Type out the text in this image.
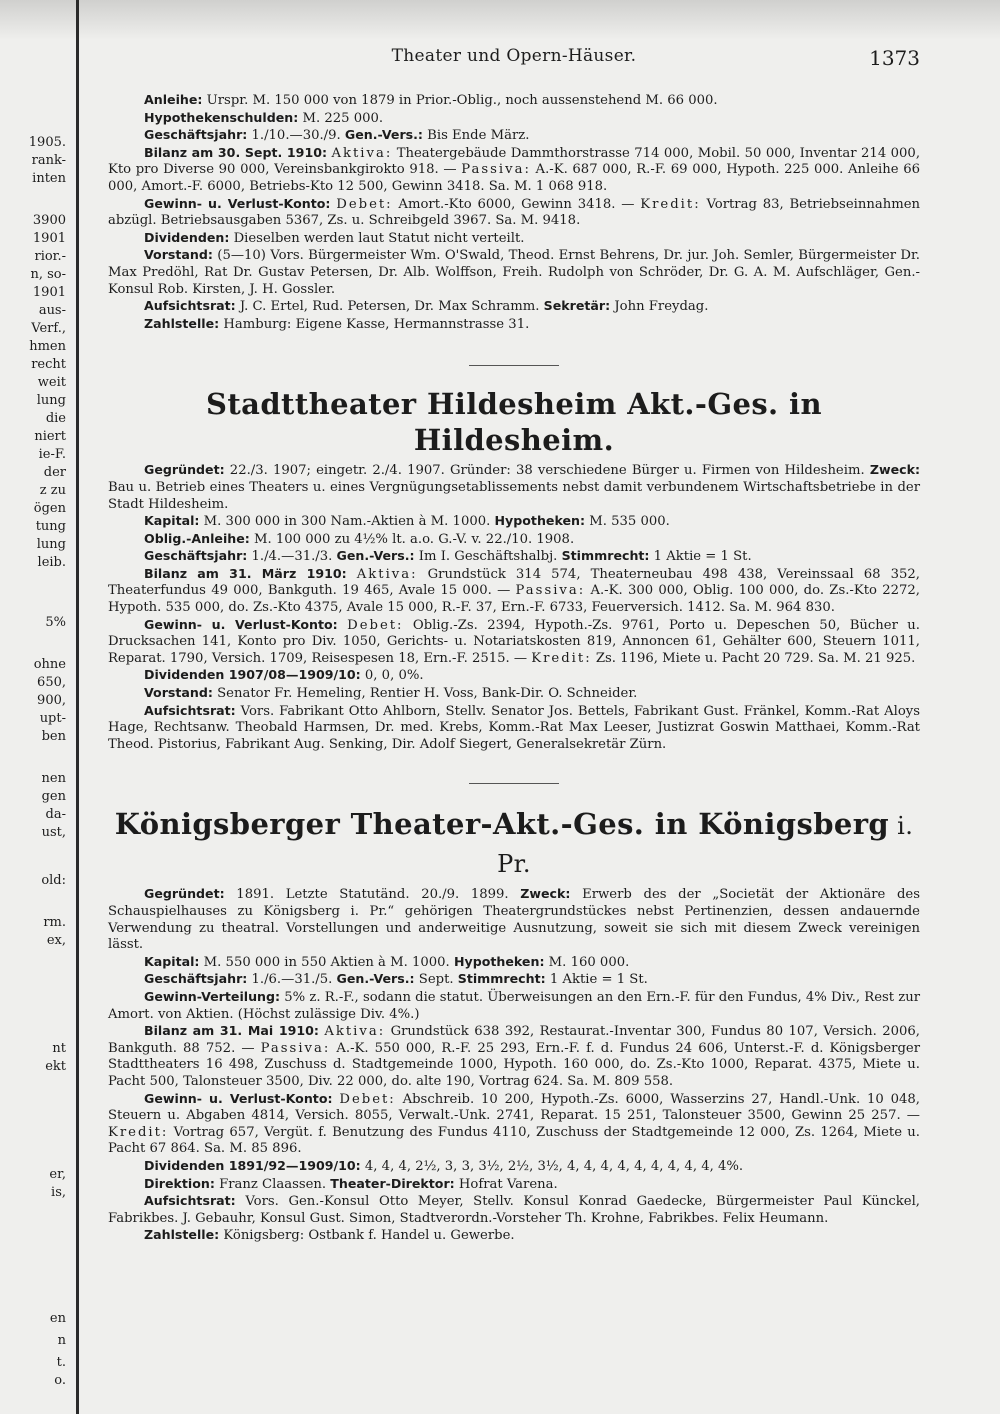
1905.
rank-
inten
3900
1901
rior.-
n, so-
1901
aus-
Verf.,
hmen
recht
weit
lung
die
niert
ie-F.
der
z zu
ögen
tung
lung
leib.
5%
ohne
650,
900,
upt-
ben
nen
gen
da-
ust,
old:
rm.
ex,
nt
ekt
er,
is,
en
n
t.
o.
Theater und Opern-Häuser.	1373

Anleihe: Urspr. M. 150 000 von 1879 in Prior.-Oblig., noch aussenstehend M. 66 000.

Hypothekenschulden: M. 225 000.

Geschäftsjahr: 1./10.—30./9. Gen.-Vers.: Bis Ende März.

Bilanz am 30. Sept. 1910: Aktiva: Theatergebäude Dammthorstrasse 714 000, Mobil. 50 000, Inventar 214 000, Kto pro Diverse 90 000, Vereinsbankgirokto 918. — Passiva: A.-K. 687 000, R.-F. 69 000, Hypoth. 225 000. Anleihe 66 000, Amort.-F. 6000, Betriebs-Kto 12 500, Gewinn 3418. Sa. M. 1 068 918.

Gewinn- u. Verlust-Konto: Debet: Amort.-Kto 6000, Gewinn 3418. — Kredit: Vortrag 83, Betriebseinnahmen abzügl. Betriebsausgaben 5367, Zs. u. Schreibgeld 3967. Sa. M. 9418.

Dividenden: Dieselben werden laut Statut nicht verteilt.

Vorstand: (5—10) Vors. Bürgermeister Wm. O'Swald, Theod. Ernst Behrens, Dr. jur. Joh. Semler, Bürgermeister Dr. Max Predöhl, Rat Dr. Gustav Petersen, Dr. Alb. Wolffson, Freih. Rudolph von Schröder, Dr. G. A. M. Aufschläger, Gen.-Konsul Rob. Kirsten, J. H. Gossler.

Aufsichtsrat: J. C. Ertel, Rud. Petersen, Dr. Max Schramm. Sekretär: John Freydag.

Zahlstelle: Hamburg: Eigene Kasse, Hermannstrasse 31.

Stadttheater Hildesheim Akt.-Ges. in Hildesheim.

Gegründet: 22./3. 1907; eingetr. 2./4. 1907. Gründer: 38 verschiedene Bürger u. Firmen von Hildesheim. Zweck: Bau u. Betrieb eines Theaters u. eines Vergnügungsetablissements nebst damit verbundenem Wirtschaftsbetriebe in der Stadt Hildesheim.

Kapital: M. 300 000 in 300 Nam.-Aktien à M. 1000. Hypotheken: M. 535 000.

Oblig.-Anleihe: M. 100 000 zu 4½% lt. a.o. G.-V. v. 22./10. 1908.

Geschäftsjahr: 1./4.—31./3. Gen.-Vers.: Im I. Geschäftshalbj. Stimmrecht: 1 Aktie = 1 St.

Bilanz am 31. März 1910: Aktiva: Grundstück 314 574, Theaterneubau 498 438, Vereinssaal 68 352, Theaterfundus 49 000, Bankguth. 19 465, Avale 15 000. — Passiva: A.-K. 300 000, Oblig. 100 000, do. Zs.-Kto 2272, Hypoth. 535 000, do. Zs.-Kto 4375, Avale 15 000, R.-F. 37, Ern.-F. 6733, Feuerversich. 1412. Sa. M. 964 830.

Gewinn- u. Verlust-Konto: Debet: Oblig.-Zs. 2394, Hypoth.-Zs. 9761, Porto u. Depeschen 50, Bücher u. Drucksachen 141, Konto pro Div. 1050, Gerichts- u. Notariatskosten 819, Annoncen 61, Gehälter 600, Steuern 1011, Reparat. 1790, Versich. 1709, Reisespesen 18, Ern.-F. 2515. — Kredit: Zs. 1196, Miete u. Pacht 20 729. Sa. M. 21 925.

Dividenden 1907/08—1909/10: 0, 0, 0%.

Vorstand: Senator Fr. Hemeling, Rentier H. Voss, Bank-Dir. O. Schneider.

Aufsichtsrat: Vors. Fabrikant Otto Ahlborn, Stellv. Senator Jos. Bettels, Fabrikant Gust. Fränkel, Komm.-Rat Aloys Hage, Rechtsanw. Theobald Harmsen, Dr. med. Krebs, Komm.-Rat Max Leeser, Justizrat Goswin Matthaei, Komm.-Rat Theod. Pistorius, Fabrikant Aug. Senking, Dir. Adolf Siegert, Generalsekretär Zürn.

Königsberger Theater-Akt.-Ges. in Königsberg i. Pr.

Gegründet: 1891. Letzte Statutänd. 20./9. 1899. Zweck: Erwerb des der „Societät der Aktionäre des Schauspielhauses zu Königsberg i. Pr.“ gehörigen Theatergrundstückes nebst Pertinenzien, dessen andauernde Verwendung zu theatral. Vorstellungen und anderweitige Ausnutzung, soweit sie sich mit diesem Zweck vereinigen lässt.

Kapital: M. 550 000 in 550 Aktien à M. 1000. Hypotheken: M. 160 000.

Geschäftsjahr: 1./6.—31./5. Gen.-Vers.: Sept. Stimmrecht: 1 Aktie = 1 St.

Gewinn-Verteilung: 5% z. R.-F., sodann die statut. Überweisungen an den Ern.-F. für den Fundus, 4% Div., Rest zur Amort. von Aktien. (Höchst zulässige Div. 4%.)

Bilanz am 31. Mai 1910: Aktiva: Grundstück 638 392, Restaurat.-Inventar 300, Fundus 80 107, Versich. 2006, Bankguth. 88 752. — Passiva: A.-K. 550 000, R.-F. 25 293, Ern.-F. f. d. Fundus 24 606, Unterst.-F. d. Königsberger Stadttheaters 16 498, Zuschuss d. Stadtgemeinde 1000, Hypoth. 160 000, do. Zs.-Kto 1000, Reparat. 4375, Miete u. Pacht 500, Talonsteuer 3500, Div. 22 000, do. alte 190, Vortrag 624. Sa. M. 809 558.

Gewinn- u. Verlust-Konto: Debet: Abschreib. 10 200, Hypoth.-Zs. 6000, Wasserzins 27, Handl.-Unk. 10 048, Steuern u. Abgaben 4814, Versich. 8055, Verwalt.-Unk. 2741, Reparat. 15 251, Talonsteuer 3500, Gewinn 25 257. — Kredit: Vortrag 657, Vergüt. f. Benutzung des Fundus 4110, Zuschuss der Stadtgemeinde 12 000, Zs. 1264, Miete u. Pacht 67 864. Sa. M. 85 896.

Dividenden 1891/92—1909/10: 4, 4, 4, 2½, 3, 3, 3½, 2½, 3½, 4, 4, 4, 4, 4, 4, 4, 4, 4, 4%.

Direktion: Franz Claassen. Theater-Direktor: Hofrat Varena.

Aufsichtsrat: Vors. Gen.-Konsul Otto Meyer, Stellv. Konsul Konrad Gaedecke, Bürgermeister Paul Künckel, Fabrikbes. J. Gebauhr, Konsul Gust. Simon, Stadtverordn.-Vorsteher Th. Krohne, Fabrikbes. Felix Heumann.

Zahlstelle: Königsberg: Ostbank f. Handel u. Gewerbe.
